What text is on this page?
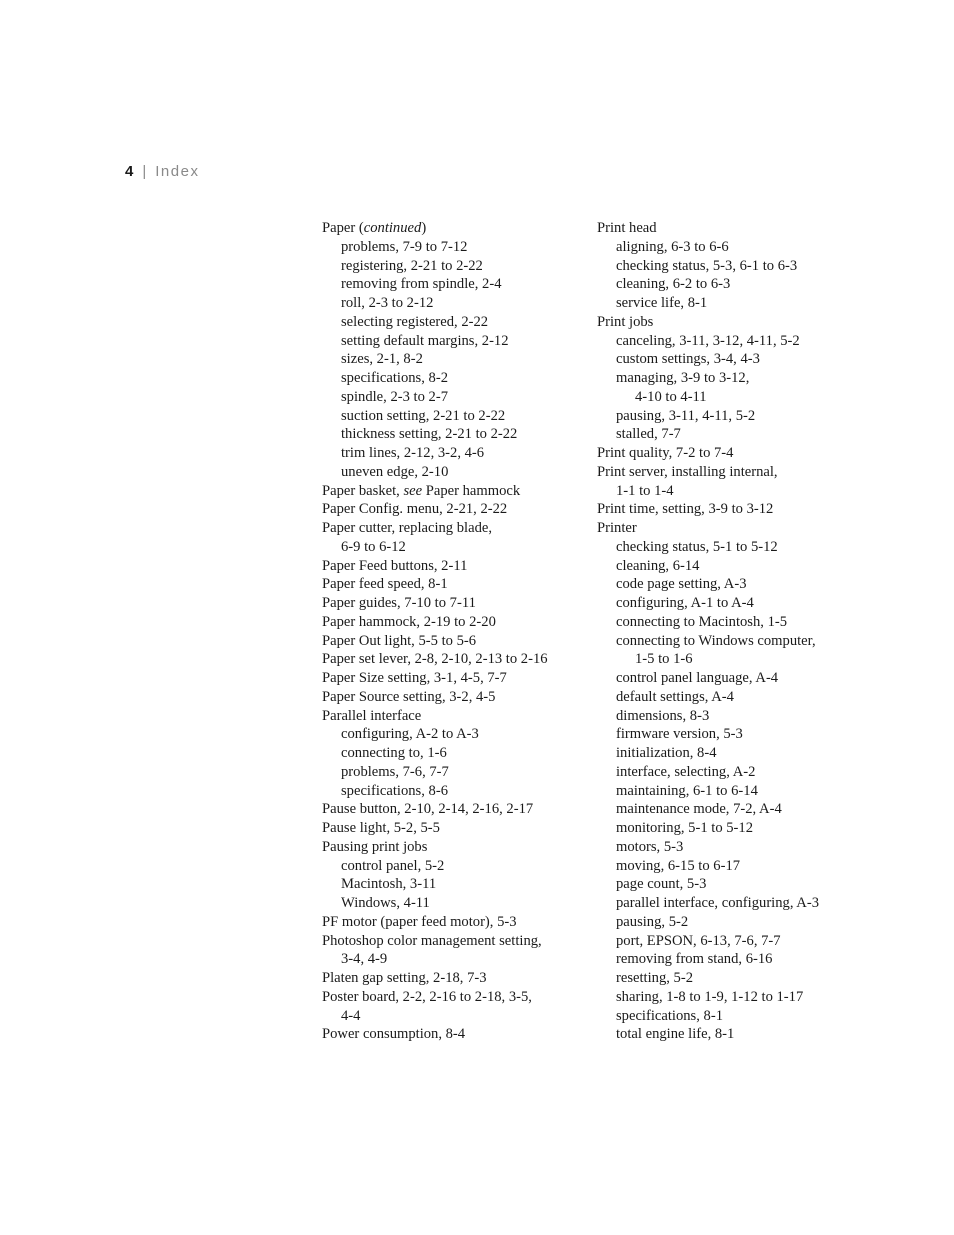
4 | Index
Paper (continued)
problems, 7-9 to 7-12
registering, 2-21 to 2-22
removing from spindle, 2-4
roll, 2-3 to 2-12
selecting registered, 2-22
setting default margins, 2-12
sizes, 2-1, 8-2
specifications, 8-2
spindle, 2-3 to 2-7
suction setting, 2-21 to 2-22
thickness setting, 2-21 to 2-22
trim lines, 2-12, 3-2, 4-6
uneven edge, 2-10
Paper basket, see Paper hammock
Paper Config. menu, 2-21, 2-22
Paper cutter, replacing blade,
6-9 to 6-12
Paper Feed buttons, 2-11
Paper feed speed, 8-1
Paper guides, 7-10 to 7-11
Paper hammock, 2-19 to 2-20
Paper Out light, 5-5 to 5-6
Paper set lever, 2-8, 2-10, 2-13 to 2-16
Paper Size setting, 3-1, 4-5, 7-7
Paper Source setting, 3-2, 4-5
Parallel interface
configuring, A-2 to A-3
connecting to, 1-6
problems, 7-6, 7-7
specifications, 8-6
Pause button, 2-10, 2-14, 2-16, 2-17
Pause light, 5-2, 5-5
Pausing print jobs
control panel, 5-2
Macintosh, 3-11
Windows, 4-11
PF motor (paper feed motor), 5-3
Photoshop color management setting,
3-4, 4-9
Platen gap setting, 2-18, 7-3
Poster board, 2-2, 2-16 to 2-18, 3-5,
4-4
Power consumption, 8-4
Print head
aligning, 6-3 to 6-6
checking status, 5-3, 6-1 to 6-3
cleaning, 6-2 to 6-3
service life, 8-1
Print jobs
canceling, 3-11, 3-12, 4-11, 5-2
custom settings, 3-4, 4-3
managing, 3-9 to 3-12,
4-10 to 4-11
pausing, 3-11, 4-11, 5-2
stalled, 7-7
Print quality, 7-2 to 7-4
Print server, installing internal,
1-1 to 1-4
Print time, setting, 3-9 to 3-12
Printer
checking status, 5-1 to 5-12
cleaning, 6-14
code page setting, A-3
configuring, A-1 to A-4
connecting to Macintosh, 1-5
connecting to Windows computer,
1-5 to 1-6
control panel language, A-4
default settings, A-4
dimensions, 8-3
firmware version, 5-3
initialization, 8-4
interface, selecting, A-2
maintaining, 6-1 to 6-14
maintenance mode, 7-2, A-4
monitoring, 5-1 to 5-12
motors, 5-3
moving, 6-15 to 6-17
page count, 5-3
parallel interface, configuring, A-3
pausing, 5-2
port, EPSON, 6-13, 7-6, 7-7
removing from stand, 6-16
resetting, 5-2
sharing, 1-8 to 1-9, 1-12 to 1-17
specifications, 8-1
total engine life, 8-1
